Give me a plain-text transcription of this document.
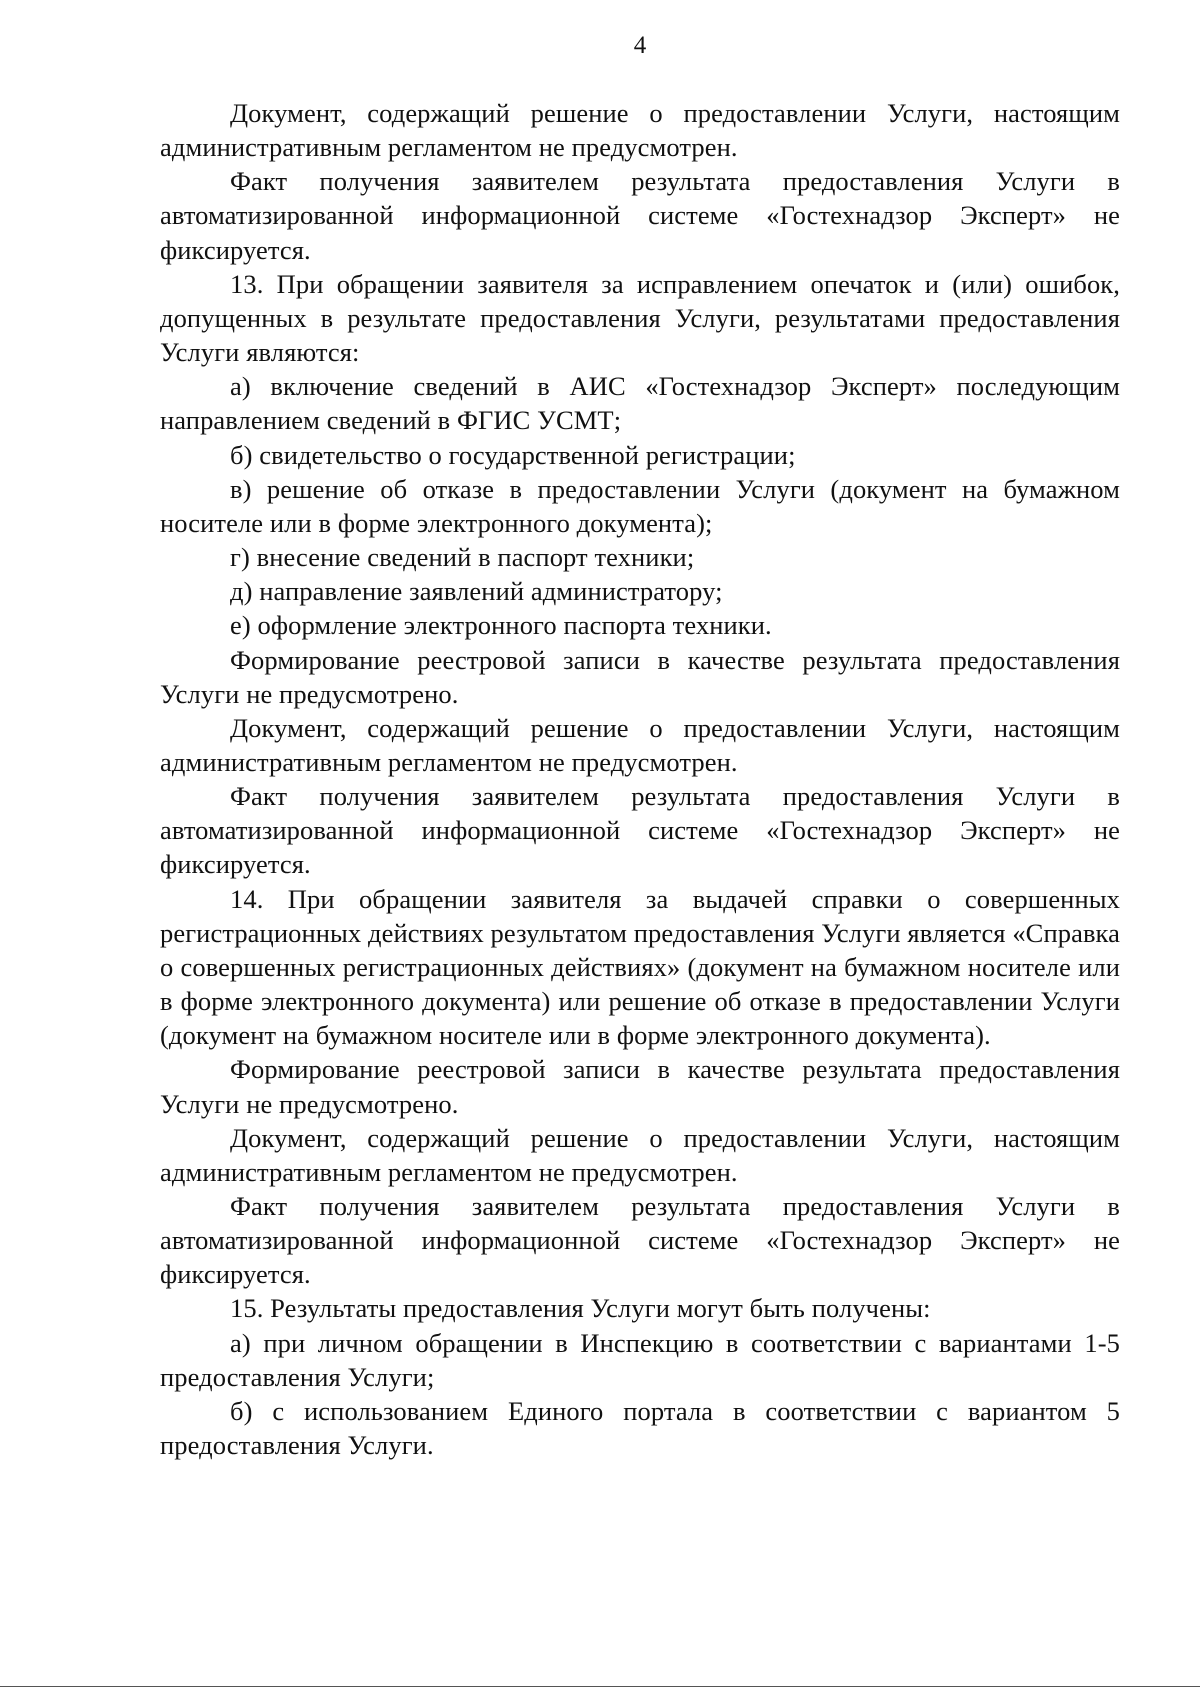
4

Документ, содержащий решение о предоставлении Услуги, настоящим административным регламентом не предусмотрен.

Факт получения заявителем результата предоставления Услуги в автоматизированной информационной системе «Гостехнадзор Эксперт» не фиксируется.

13. При обращении заявителя за исправлением опечаток и (или) ошибок, допущенных в результате предоставления Услуги, результатами предоставления Услуги являются:

а) включение сведений в АИС «Гостехнадзор Эксперт» последующим направлением сведений в ФГИС УСМТ;

б) свидетельство о государственной регистрации;

в) решение об отказе в предоставлении Услуги (документ на бумажном носителе или в форме электронного документа);

г) внесение сведений в паспорт техники;

д) направление заявлений администратору;

е) оформление электронного паспорта техники.

Формирование реестровой записи в качестве результата предоставления Услуги не предусмотрено.

Документ, содержащий решение о предоставлении Услуги, настоящим административным регламентом не предусмотрен.

Факт получения заявителем результата предоставления Услуги в автоматизированной информационной системе «Гостехнадзор Эксперт» не фиксируется.

14. При обращении заявителя за выдачей справки о совершенных регистрационных действиях результатом предоставления Услуги является «Справка о совершенных регистрационных действиях» (документ на бумажном носителе или в форме электронного документа) или решение об отказе в предоставлении Услуги (документ на бумажном носителе или в форме электронного документа).

Формирование реестровой записи в качестве результата предоставления Услуги не предусмотрено.

Документ, содержащий решение о предоставлении Услуги, настоящим административным регламентом не предусмотрен.

Факт получения заявителем результата предоставления Услуги в автоматизированной информационной системе «Гостехнадзор Эксперт» не фиксируется.

15. Результаты предоставления Услуги могут быть получены:

а) при личном обращении в Инспекцию в соответствии с вариантами 1-5 предоставления Услуги;

б) с использованием Единого портала в соответствии с вариантом 5 предоставления Услуги.
